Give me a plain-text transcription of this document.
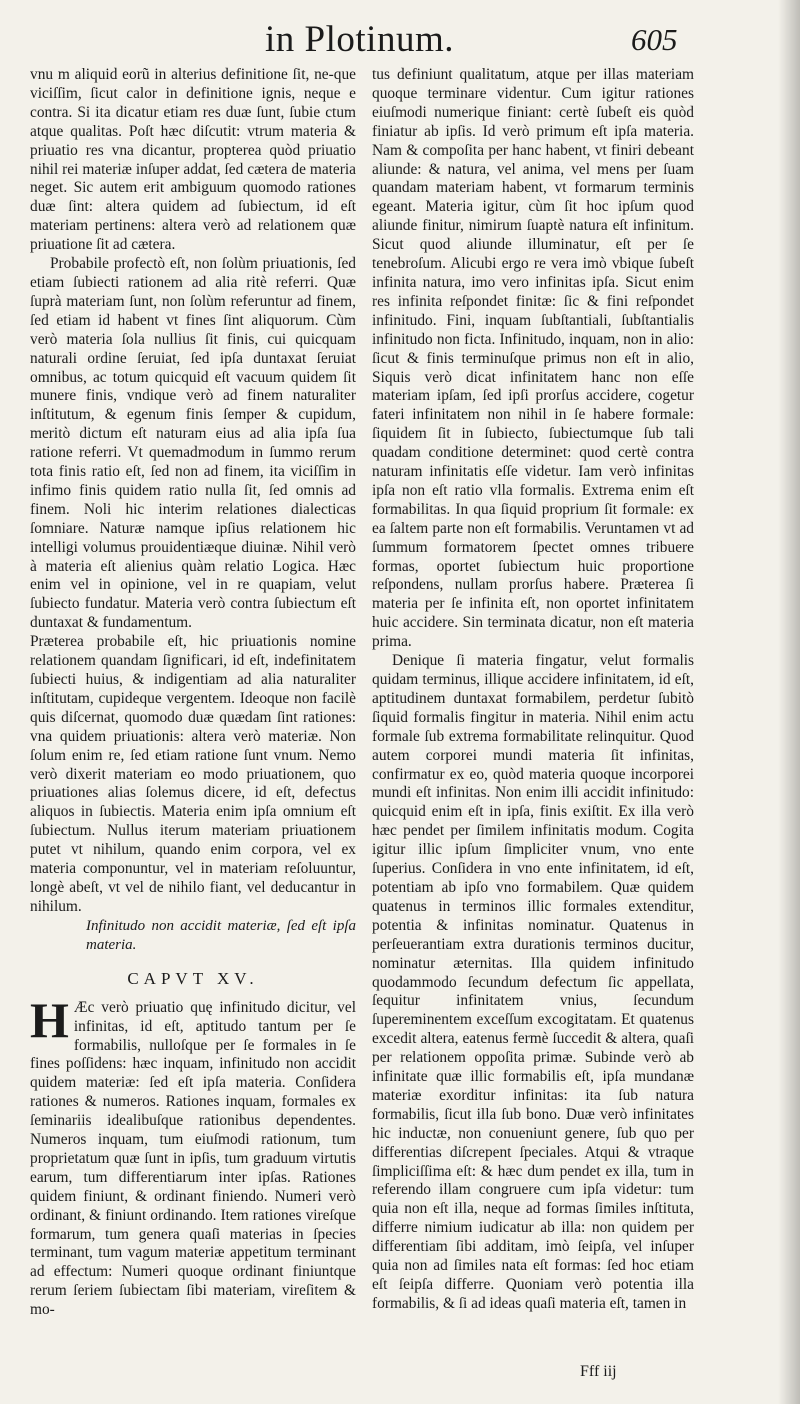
in Plotinum.	605

vnu m aliquid eorũ in alterius definitione ſit, ne-que viciſſim, ſicut calor in definitione ignis, neque e contra. Si ita dicatur etiam res duæ ſunt, ſubie ctum atque qualitas. Poſt hæc diſcutit: vtrum materia & priuatio res vna dicantur, propterea quòd priuatio nihil rei materiæ inſuper addat, ſed cætera de materia neget. Sic autem erit ambiguum quomodo rationes duæ ſint: altera quidem ad ſubiectum, id eſt materiam pertinens: altera verò ad relationem quæ priuatione ſit ad cætera.

Probabile profectò eſt, non ſolùm priuationis, ſed etiam ſubiecti rationem ad alia ritè referri. Quæ ſuprà materiam ſunt, non ſolùm referuntur ad finem, ſed etiam id habent vt fines ſint aliquorum. Cùm verò materia ſola nullius ſit finis, cui quicquam naturali ordine ſeruiat, ſed ipſa duntaxat ſeruiat omnibus, ac totum quicquid eſt vacuum quidem ſit munere finis, vndique verò ad finem naturaliter inſtitutum, & egenum finis ſemper & cupidum, meritò dictum eſt naturam eius ad alia ipſa ſua ratione referri. Vt quemadmodum in ſummo rerum tota finis ratio eſt, ſed non ad finem, ita viciſſim in infimo finis quidem ratio nulla ſit, ſed omnis ad finem. Noli hic interim relationes dialecticas ſomniare. Naturæ namque ipſius relationem hic intelligi volumus prouidentiæque diuinæ. Nihil verò à materia eſt alienius quàm relatio Logica. Hæc enim vel in opinione, vel in re quapiam, velut ſubiecto fundatur. Materia verò contra ſubiectum eſt duntaxat & fundamentum.

Præterea probabile eſt, hic priuationis nomine relationem quandam ſignificari, id eſt, indefinitatem ſubiecti huius, & indigentiam ad alia naturaliter inſtitutam, cupideque vergentem. Ideoque non facilè quis diſcernat, quomodo duæ quædam ſint rationes: vna quidem priuationis: altera verò materiæ. Non ſolum enim re, ſed etiam ratione ſunt vnum. Nemo verò dixerit materiam eo modo priuationem, quo priuationes alias ſolemus dicere, id eſt, defectus aliquos in ſubiectis. Materia enim ipſa omnium eſt ſubiectum. Nullus iterum materiam priuationem putet vt nihilum, quando enim corpora, vel ex materia componuntur, vel in materiam reſoluuntur, longè abeſt, vt vel de nihilo fiant, vel deducantur in nihilum.

Infinitudo non accidit materiæ, ſed eſt ipſa materia.

CAPVT XV.

H Æc verò priuatio quę infinitudo dicitur, vel infinitas, id eſt, aptitudo tantum per ſe formabilis, nulloſque per ſe formales in ſe fines poſſidens: hæc inquam, infinitudo non accidit quidem materiæ: ſed eſt ipſa materia. Conſidera rationes & numeros. Rationes inquam, formales ex ſeminariis idealibuſque rationibus dependentes. Numeros inquam, tum eiuſmodi rationum, tum proprietatum quæ ſunt in ipſis, tum graduum virtutis earum, tum differentiarum inter ipſas. Rationes quidem finiunt, & ordinant finiendo. Numeri verò ordinant, & finiunt ordinando. Item rationes vireſque formarum, tum genera quaſi materias in ſpecies terminant, tum vagum materiæ appetitum terminant ad effectum: Numeri quoque ordinant finiuntque rerum ſeriem ſubiectam ſibi materiam, vireſitem & mo-

tus definiunt qualitatum, atque per illas materiam quoque terminare videntur. Cum igitur rationes eiuſmodi numerique finiant: certè ſubeſt eis quòd finiatur ab ipſis. Id verò primum eſt ipſa materia. Nam & compoſita per hanc habent, vt finiri debeant aliunde: & natura, vel anima, vel mens per ſuam quandam materiam habent, vt formarum terminis egeant. Materia igitur, cùm ſit hoc ipſum quod aliunde finitur, nimirum ſuaptè natura eſt infinitum. Sicut quod aliunde illuminatur, eſt per ſe tenebroſum. Alicubi ergo re vera imò vbique ſubeſt infinita natura, imo vero infinitas ipſa. Sicut enim res infinita reſpondet finitæ: ſic & fini reſpondet infinitudo. Fini, inquam ſubſtantiali, ſubſtantialis infinitudo non ficta. Infinitudo, inquam, non in alio: ſicut & finis terminuſque primus non eſt in alio, Siquis verò dicat infinitatem hanc non eſſe materiam ipſam, ſed ipſi prorſus accidere, cogetur fateri infinitatem non nihil in ſe habere formale: ſiquidem ſit in ſubiecto, ſubiectumque ſub tali quadam conditione determinet: quod certè contra naturam infinitatis eſſe videtur. Iam verò infinitas ipſa non eſt ratio vlla formalis. Extrema enim eſt formabilitas. In qua ſiquid proprium ſit formale: ex ea ſaltem parte non eſt formabilis. Veruntamen vt ad ſummum formatorem ſpectet omnes tribuere formas, oportet ſubiectum huic proportione reſpondens, nullam prorſus habere. Præterea ſi materia per ſe infinita eſt, non oportet infinitatem huic accidere. Sin terminata dicatur, non eſt materia prima.

Denique ſi materia fingatur, velut formalis quidam terminus, illique accidere infinitatem, id eſt, aptitudinem duntaxat formabilem, perdetur ſubitò ſiquid formalis fingitur in materia. Nihil enim actu formale ſub extrema formabilitate relinquitur. Quod autem corporei mundi materia ſit infinitas, confirmatur ex eo, quòd materia quoque incorporei mundi eſt infinitas. Non enim illi accidit infinitudo: quicquid enim eſt in ipſa, finis exiſtit. Ex illa verò hæc pendet per ſimilem infinitatis modum. Cogita igitur illic ipſum ſimpliciter vnum, vno ente ſuperius. Conſidera in vno ente infinitatem, id eſt, potentiam ab ipſo vno formabilem. Quæ quidem quatenus in terminos illic formales extenditur, potentia & infinitas nominatur. Quatenus in perſeuerantiam extra durationis terminos ducitur, nominatur æternitas. Illa quidem infinitudo quodammodo ſecundum defectum ſic appellata, ſequitur infinitatem vnius, ſecundum ſupereminentem exceſſum excogitatam. Et quatenus excedit altera, eatenus fermè ſuccedit & altera, quaſi per relationem oppoſita primæ. Subinde verò ab infinitate quæ illic formabilis eſt, ipſa mundanæ materiæ exorditur infinitas: ita ſub natura formabilis, ſicut illa ſub bono. Duæ verò infinitates hic inductæ, non conueniunt genere, ſub quo per differentias diſcrepent ſpeciales. Atqui & vtraque ſimpliciſſima eſt: & hæc dum pendet ex illa, tum in referendo illam congruere cum ipſa videtur: tum quia non eſt illa, neque ad formas ſimiles inſtituta, differre nimium iudicatur ab illa: non quidem per differentiam ſibi additam, imò ſeipſa, vel inſuper quia non ad ſimiles nata eſt formas: ſed hoc etiam eſt ſeipſa differre. Quoniam verò potentia illa formabilis, & ſi ad ideas quaſi materia eſt, tamen in

Fff iij
